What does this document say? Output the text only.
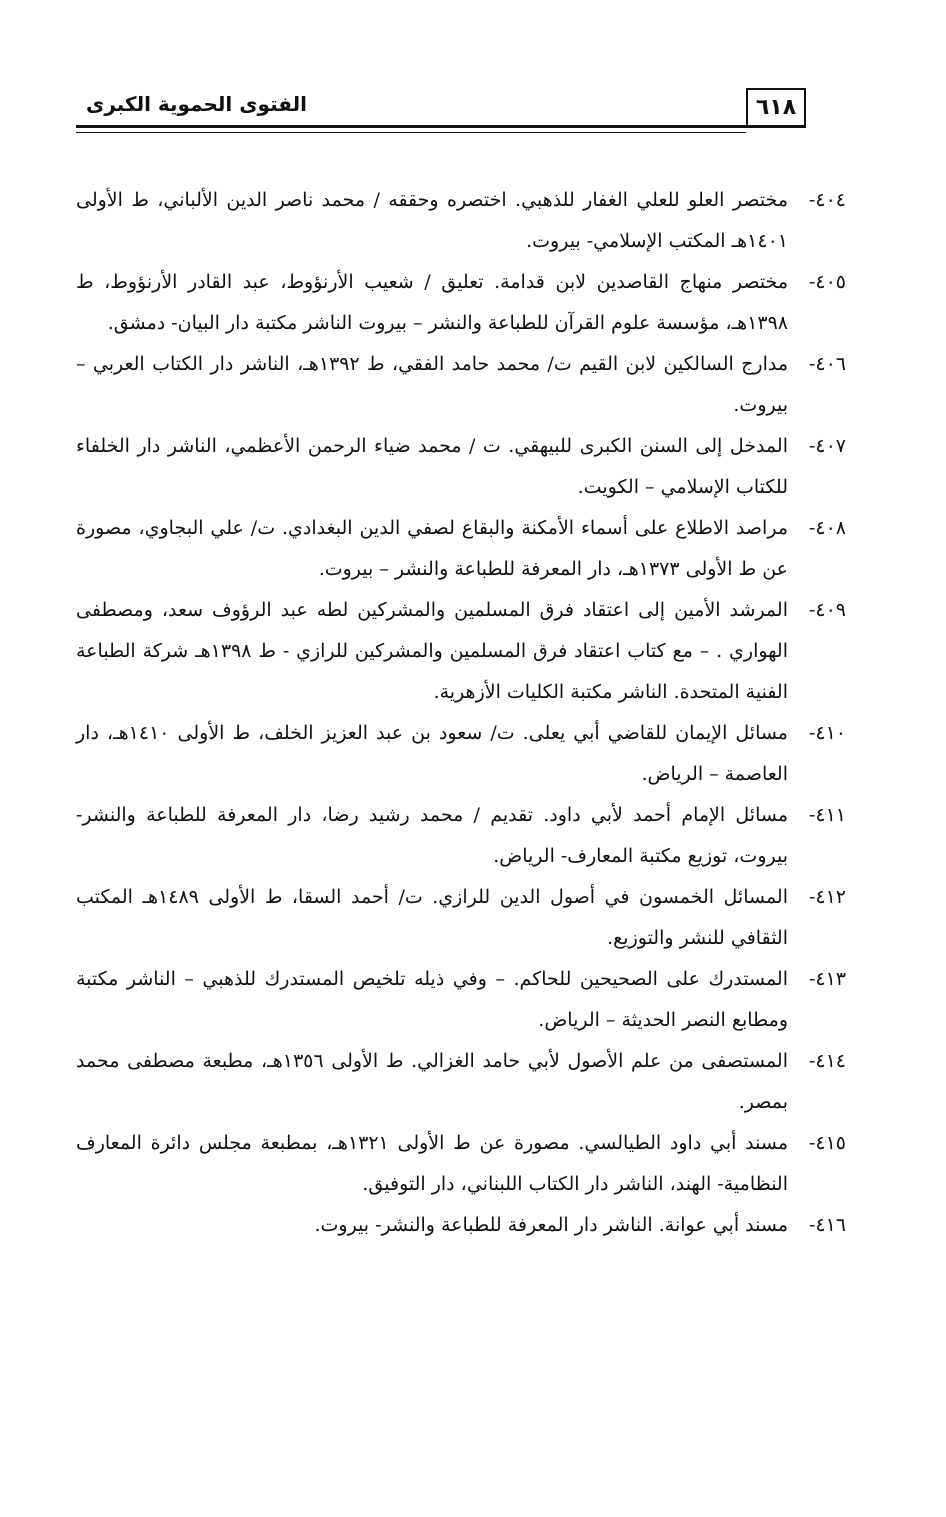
٦١٨
الفتوى الحموية الكبرى
٤٠٤-
مختصر العلو للعلي الغفار للذهبي. اختصره وحققه / محمد ناصر الدين الألباني، ط الأولى ١٤٠١هـ المكتب الإسلامي- بيروت.
٤٠٥-
مختصر منهاج القاصدين لابن قدامة. تعليق / شعيب الأرنؤوط، عبد القادر الأرنؤوط، ط ١٣٩٨هـ، مؤسسة علوم القرآن للطباعة والنشر – بيروت الناشر مكتبة دار البيان- دمشق.
٤٠٦-
مدارج السالكين لابن القيم ت/ محمد حامد الفقي، ط ١٣٩٢هـ، الناشر دار الكتاب العربي – بيروت.
٤٠٧-
المدخل إلى السنن الكبرى للبيهقي. ت / محمد ضياء الرحمن الأعظمي، الناشر دار الخلفاء للكتاب الإسلامي – الكويت.
٤٠٨-
مراصد الاطلاع على أسماء الأمكنة والبقاع لصفي الدين البغدادي. ت/ علي البجاوي، مصورة عن ط الأولى ١٣٧٣هـ، دار المعرفة للطباعة والنشر – بيروت.
٤٠٩-
المرشد الأمين إلى اعتقاد فرق المسلمين والمشركين لطه عبد الرؤوف سعد، ومصطفى الهواري . – مع كتاب اعتقاد فرق المسلمين والمشركين للرازي - ط ١٣٩٨هـ شركة الطباعة الفنية المتحدة. الناشر مكتبة الكليات الأزهرية.
٤١٠-
مسائل الإيمان للقاضي أبي يعلى. ت/ سعود بن عبد العزيز الخلف، ط الأولى ١٤١٠هـ، دار العاصمة – الرياض.
٤١١-
مسائل الإمام أحمد لأبي داود. تقديم / محمد رشيد رضا، دار المعرفة للطباعة والنشر- بيروت، توزيع مكتبة المعارف- الرياض.
٤١٢-
المسائل الخمسون في أصول الدين للرازي. ت/ أحمد السقا، ط الأولى ١٤٨٩هـ المكتب الثقافي للنشر والتوزيع.
٤١٣-
المستدرك على الصحيحين للحاكم. – وفي ذيله تلخيص المستدرك للذهبي – الناشر مكتبة ومطابع النصر الحديثة – الرياض.
٤١٤-
المستصفى من علم الأصول لأبي حامد الغزالي. ط الأولى ١٣٥٦هـ، مطبعة مصطفى محمد بمصر.
٤١٥-
مسند أبي داود الطيالسي. مصورة عن ط الأولى ١٣٢١هـ، بمطبعة مجلس دائرة المعارف النظامية- الهند، الناشر دار الكتاب اللبناني، دار التوفيق.
٤١٦-
مسند أبي عوانة. الناشر دار المعرفة للطباعة والنشر- بيروت.
